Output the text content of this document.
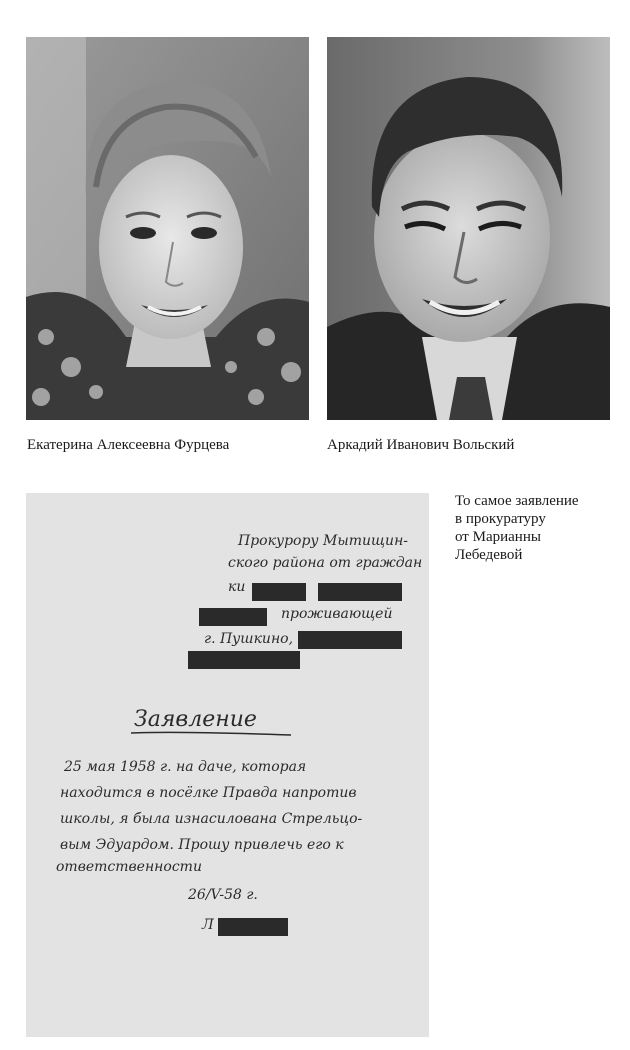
Екатерина Алексеевна Фурцева	Аркадий Иванович Вольский
Прокурору Мытищин-
ского района от граждан
ки
проживающей
г. Пушкино,
Заявление
25 мая 1958 г. на даче, которая
находится в посёлке Правда напротив
школы, я была изнасилована Стрельцо-
вым Эдуардом. Прошу привлечь его к
ответственности
26/V-58 г.
Л
То самое заявление
в прокуратуру
от Марианны
Лебедевой
